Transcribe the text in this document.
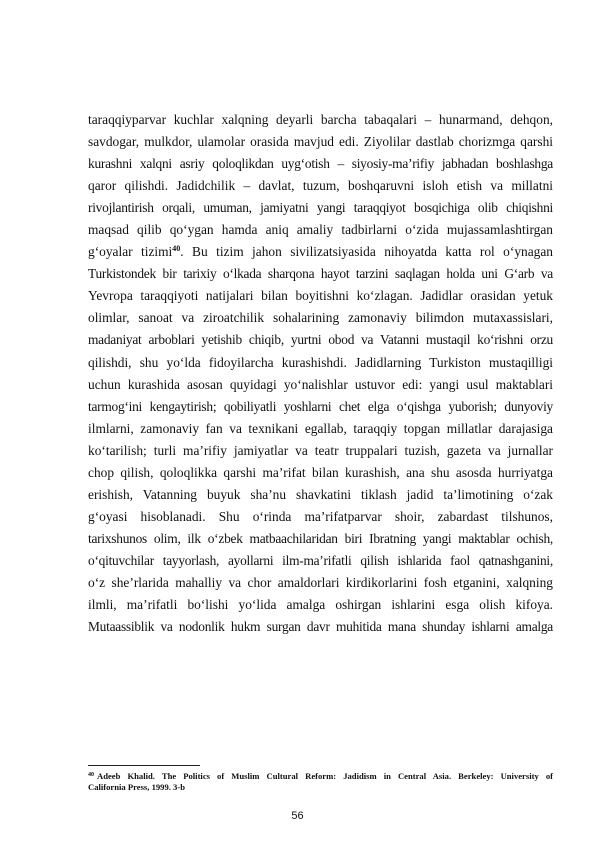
taraqqiyparvar kuchlar xalqning deyarli barcha tabaqalari – hunarmand, dehqon,
savdogar, mulkdor, ulamolar orasida mavjud edi. Ziyolilar dastlab chorizmga qarshi
kurashni xalqni asriy qoloqlikdan uyg‘otish – siyosiy-ma’rifiy jabhadan boshlashga
qaror qilishdi. Jadidchilik – davlat, tuzum, boshqaruvni isloh etish va millatni
rivojlantirish orqali, umuman, jamiyatni yangi taraqqiyot bosqichiga olib chiqishni
maqsad qilib qo‘ygan hamda aniq amaliy tadbirlarni o‘zida mujassamlashtirgan
g‘oyalar tizimi$^{40}$. Bu tizim jahon sivilizatsiyasida nihoyatda katta rol o‘ynagan
Turkistondek bir tarixiy o‘lkada sharqona hayot tarzini saqlagan holda uni G‘arb va
Yevropa taraqqiyoti natijalari bilan boyitishni ko‘zlagan. Jadidlar orasidan yetuk
olimlar, sanoat va ziroatchilik sohalarining zamonaviy bilimdon mutaxassislari,
madaniyat arboblari yetishib chiqib, yurtni obod va Vatanni mustaqil ko‘rishni orzu
qilishdi, shu yo‘lda fidoyilarcha kurashishdi. Jadidlarning Turkiston mustaqilligi
uchun kurashida asosan quyidagi yo‘nalishlar ustuvor edi: yangi usul maktablari
tarmog‘ini kengaytirish; qobiliyatli yoshlarni chet elga o‘qishga yuborish; dunyoviy
ilmlarni, zamonaviy fan va texnikani egallab, taraqqiy topgan millatlar darajasiga
ko‘tarilish; turli ma’rifiy jamiyatlar va teatr truppalari tuzish, gazeta va jurnallar
chop qilish, qoloqlikka qarshi ma’rifat bilan kurashish, ana shu asosda hurriyatga
erishish, Vatanning buyuk sha’nu shavkatini tiklash jadid ta’limotining o‘zak
g‘oyasi hisoblanadi. Shu o‘rinda ma’rifatparvar shoir, zabardast tilshunos,
tarixshunos olim, ilk o‘zbek matbaachilaridan biri Ibratning yangi maktablar ochish,
o‘qituvchilar tayyorlash, ayollarni ilm-ma’rifatli qilish ishlarida faol qatnashganini,
o‘z she’rlarida mahalliy va chor amaldorlari kirdikorlarini fosh etganini, xalqning
ilmli, ma’rifatli bo‘lishi yo‘lida amalga oshirgan ishlarini esga olish kifoya.
Mutaassiblik va nodonlik hukm surgan davr muhitida mana shunday ishlarni amalga
$^{40}$ Adeeb Khalid. The Politics of Muslim Cultural Reform: Jadidism in Central Asia. Berkeley: University of
California Press, 1999. 3-b
56
